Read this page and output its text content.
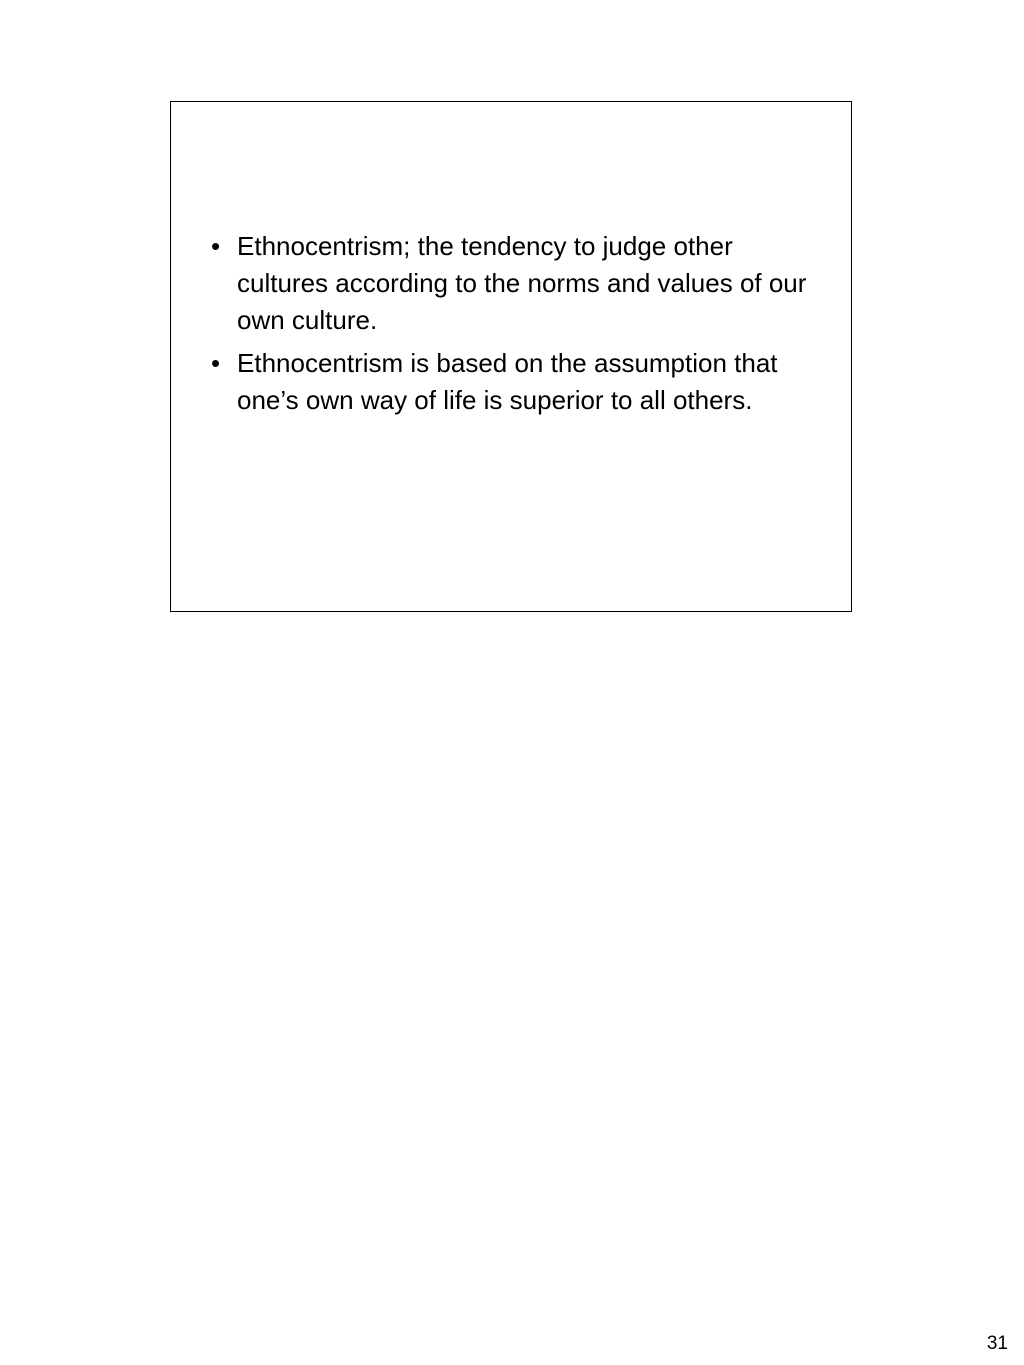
• Ethnocentrism; the tendency to judge other cultures according to the norms and values of our own culture.
• Ethnocentrism is based on the assumption that one’s own way of life is superior to all others.
31
